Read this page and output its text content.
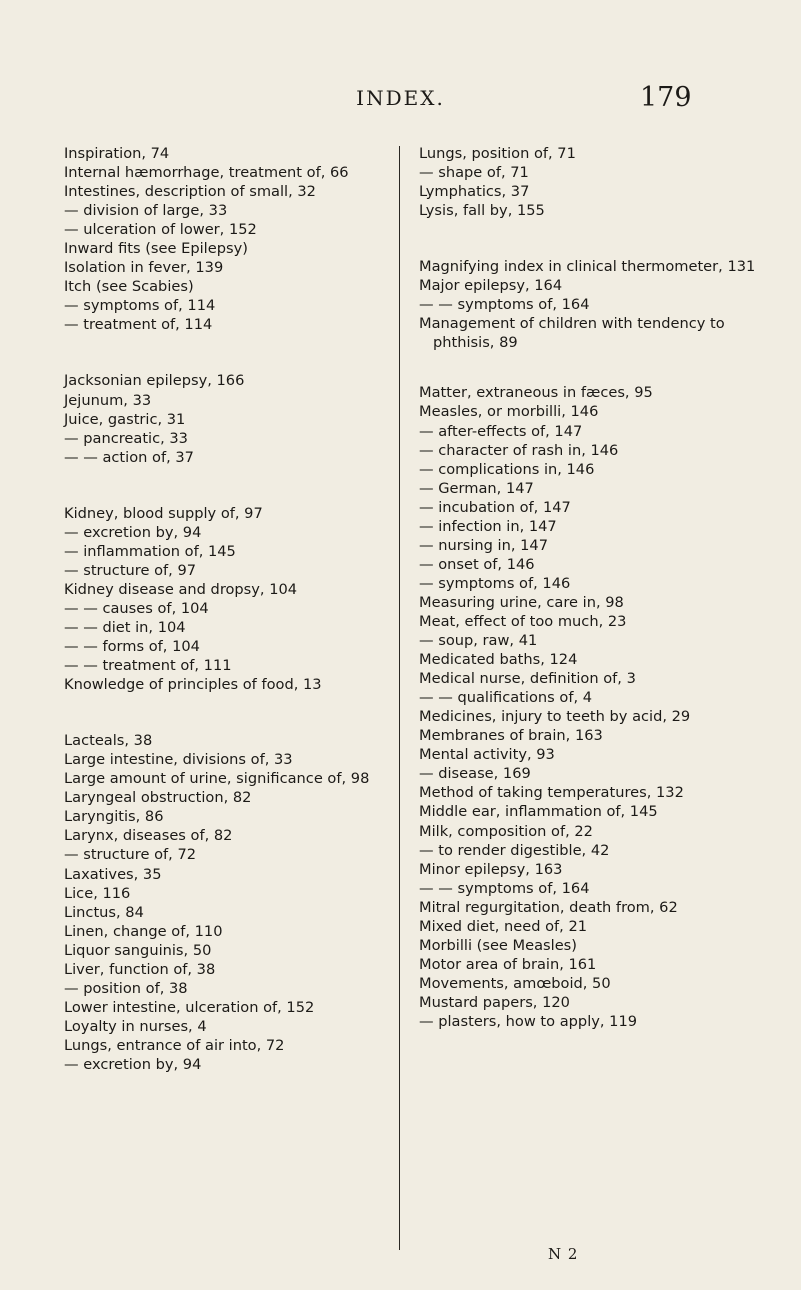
INDEX.	179
Inspiration, 74
Internal hæmorrhage, treatment of, 66
Intestines, description of small, 32
— division of large, 33
— ulceration of lower, 152
Inward fits (see Epilepsy)
Isolation in fever, 139
Itch (see Scabies)
— symptoms of, 114
— treatment of, 114
Jacksonian epilepsy, 166
Jejunum, 33
Juice, gastric, 31
— pancreatic, 33
— — action of, 37
Kidney, blood supply of, 97
— excretion by, 94
— inflammation of, 145
— structure of, 97
Kidney disease and dropsy, 104
— — causes of, 104
— — diet in, 104
— — forms of, 104
— — treatment of, 111
Knowledge of principles of food, 13
Lacteals, 38
Large intestine, divisions of, 33
Large amount of urine, significance of, 98
Laryngeal obstruction, 82
Laryngitis, 86
Larynx, diseases of, 82
— structure of, 72
Laxatives, 35
Lice, 116
Linctus, 84
Linen, change of, 110
Liquor sanguinis, 50
Liver, function of, 38
— position of, 38
Lower intestine, ulceration of, 152
Loyalty in nurses, 4
Lungs, entrance of air into, 72
— excretion by, 94
Lungs, position of, 71
— shape of, 71
Lymphatics, 37
Lysis, fall by, 155
Magnifying index in clinical thermometer, 131
Major epilepsy, 164
— — symptoms of, 164
Management of children with tendency to phthisis, 89
Matter, extraneous in fæces, 95
Measles, or morbilli, 146
— after-effects of, 147
— character of rash in, 146
— complications in, 146
— German, 147
— incubation of, 147
— infection in, 147
— nursing in, 147
— onset of, 146
— symptoms of, 146
Measuring urine, care in, 98
Meat, effect of too much, 23
— soup, raw, 41
Medicated baths, 124
Medical nurse, definition of, 3
— — qualifications of, 4
Medicines, injury to teeth by acid, 29
Membranes of brain, 163
Mental activity, 93
— disease, 169
Method of taking temperatures, 132
Middle ear, inflammation of, 145
Milk, composition of, 22
— to render digestible, 42
Minor epilepsy, 163
— — symptoms of, 164
Mitral regurgitation, death from, 62
Mixed diet, need of, 21
Morbilli (see Measles)
Motor area of brain, 161
Movements, amœboid, 50
Mustard papers, 120
— plasters, how to apply, 119
N 2
